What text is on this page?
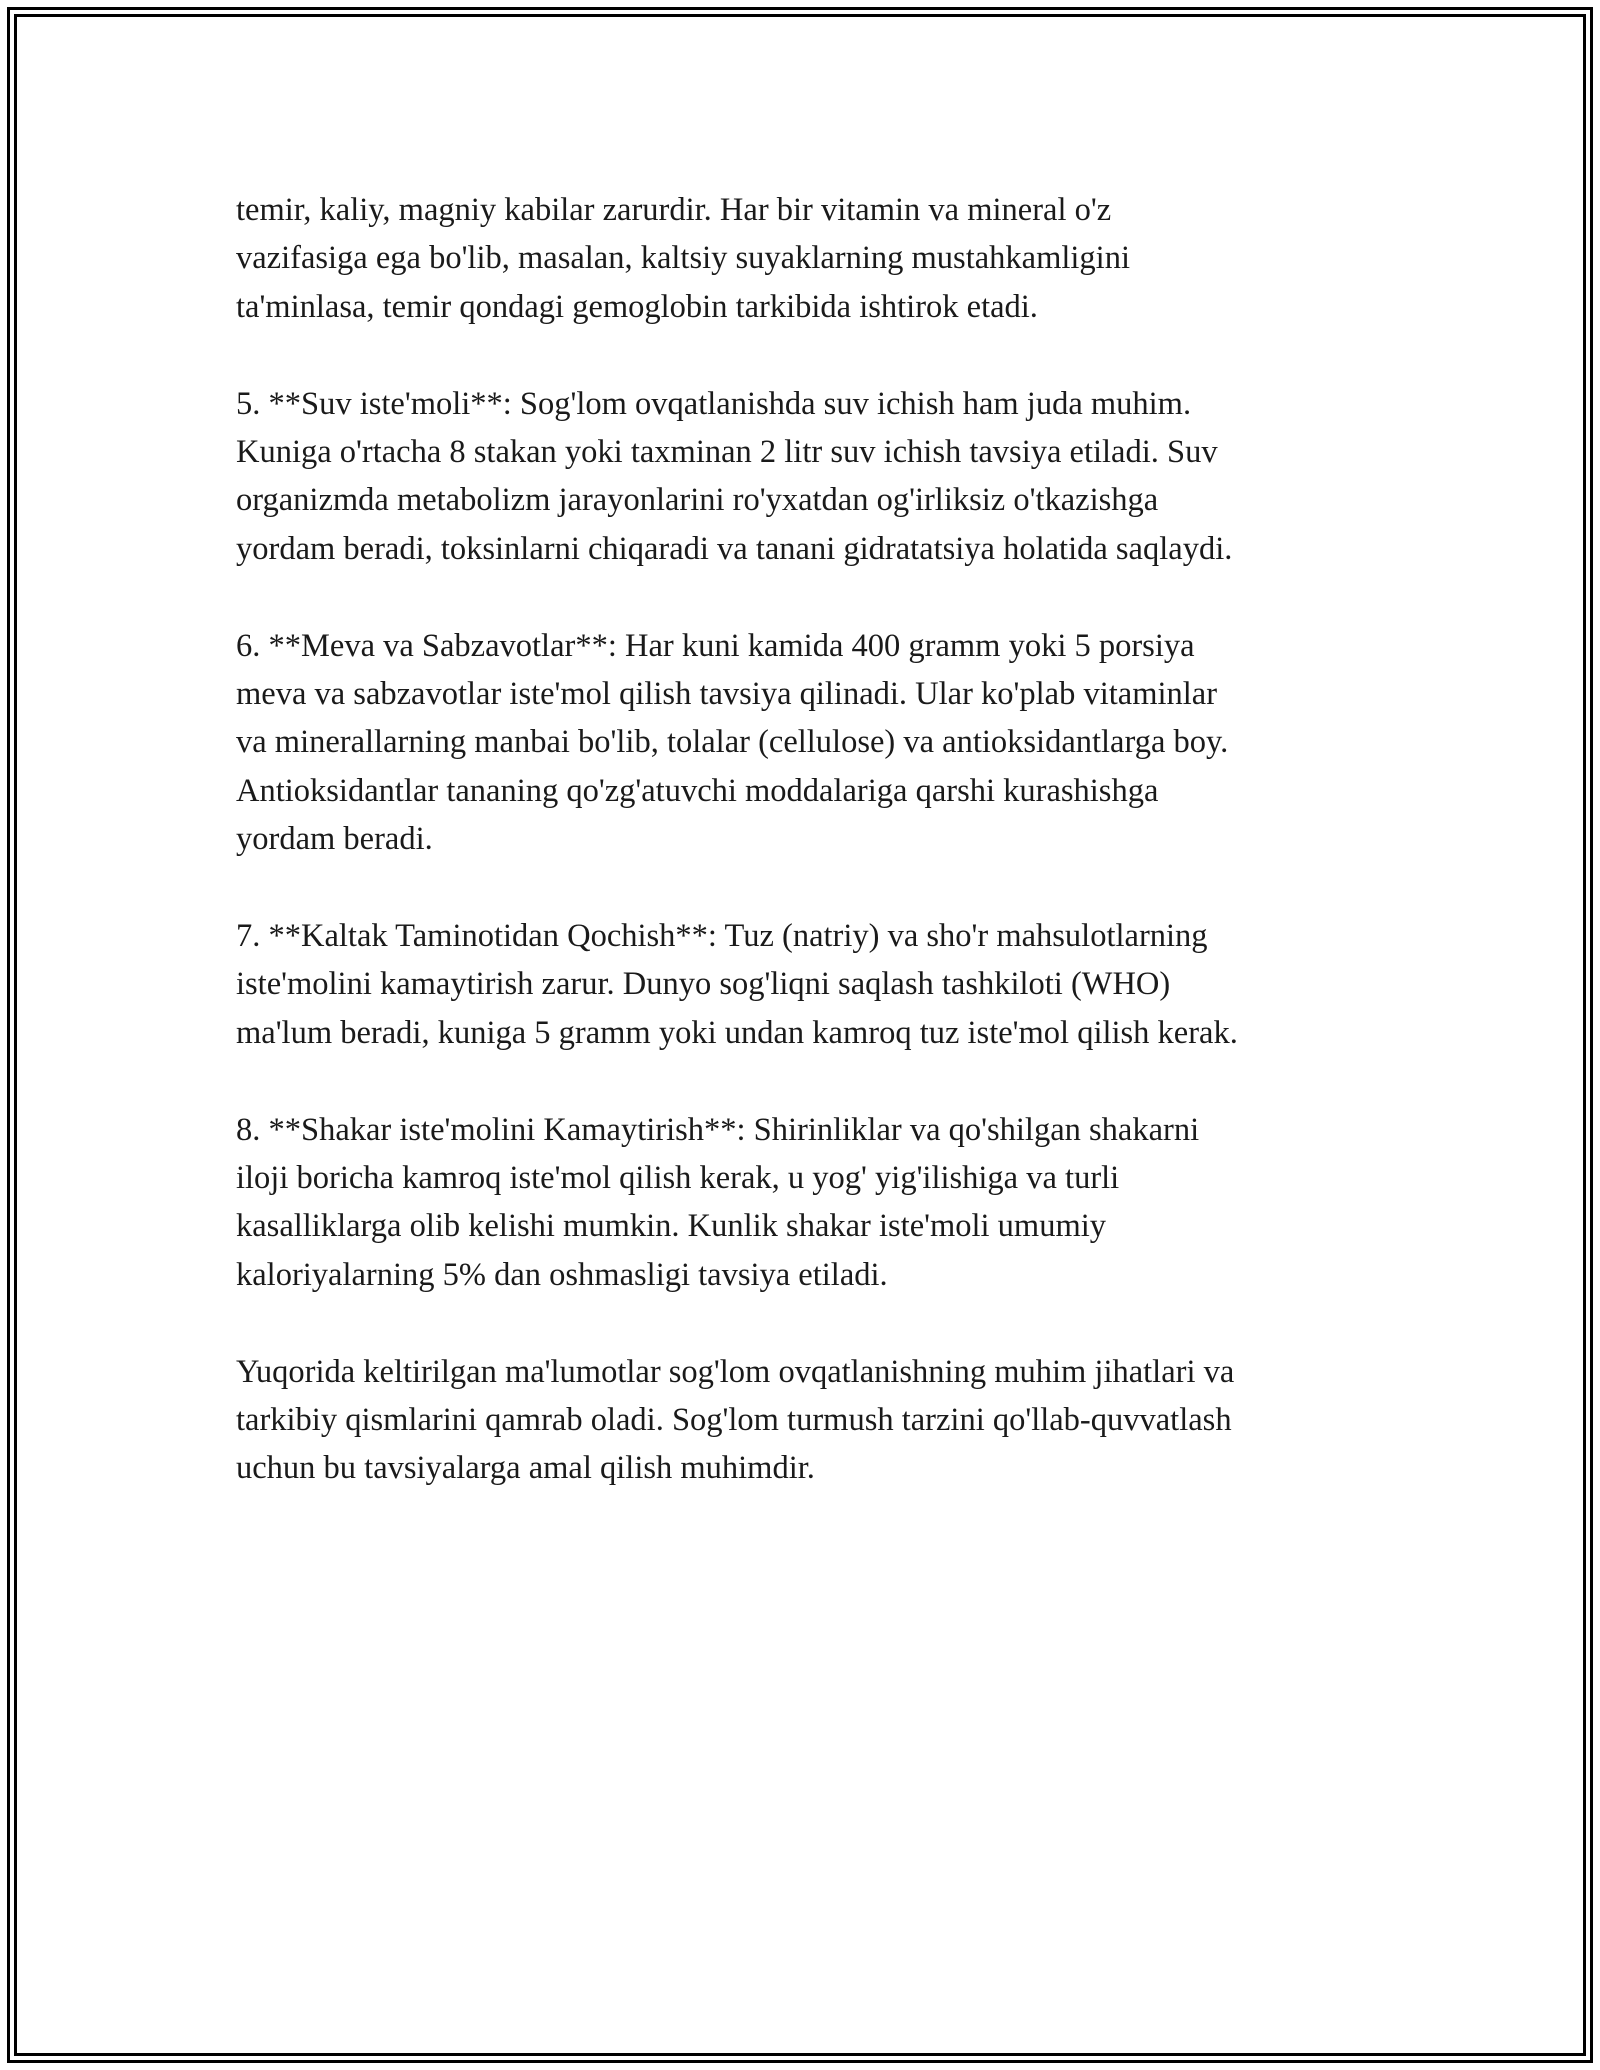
temir, kaliy, magniy kabilar zarurdir. Har bir vitamin va mineral o'z
vazifasiga ega bo'lib, masalan, kaltsiy suyaklarning mustahkamligini
ta'minlasa, temir qondagi gemoglobin tarkibida ishtirok etadi.

5. **Suv iste'moli**: Sog'lom ovqatlanishda suv ichish ham juda muhim.
Kuniga o'rtacha 8 stakan yoki taxminan 2 litr suv ichish tavsiya etiladi. Suv
organizmda metabolizm jarayonlarini ro'yxatdan og'irliksiz o'tkazishga
yordam beradi, toksinlarni chiqaradi va tanani gidratatsiya holatida saqlaydi.

6. **Meva va Sabzavotlar**: Har kuni kamida 400 gramm yoki 5 porsiya
meva va sabzavotlar iste'mol qilish tavsiya qilinadi. Ular ko'plab vitaminlar
va minerallarning manbai bo'lib, tolalar (cellulose) va antioksidantlarga boy.
Antioksidantlar tananing qo'zg'atuvchi moddalariga qarshi kurashishga
yordam beradi.

7. **Kaltak Taminotidan Qochish**: Tuz (natriy) va sho'r mahsulotlarning
iste'molini kamaytirish zarur. Dunyo sog'liqni saqlash tashkiloti (WHO)
ma'lum beradi, kuniga 5 gramm yoki undan kamroq tuz iste'mol qilish kerak.

8. **Shakar iste'molini Kamaytirish**: Shirinliklar va qo'shilgan shakarni
iloji boricha kamroq iste'mol qilish kerak, u yog' yig'ilishiga va turli
kasalliklarga olib kelishi mumkin. Kunlik shakar iste'moli umumiy
kaloriyalarning 5% dan oshmasligi tavsiya etiladi.

Yuqorida keltirilgan ma'lumotlar sog'lom ovqatlanishning muhim jihatlari va
tarkibiy qismlarini qamrab oladi. Sog'lom turmush tarzini qo'llab-quvvatlash
uchun bu tavsiyalarga amal qilish muhimdir.
